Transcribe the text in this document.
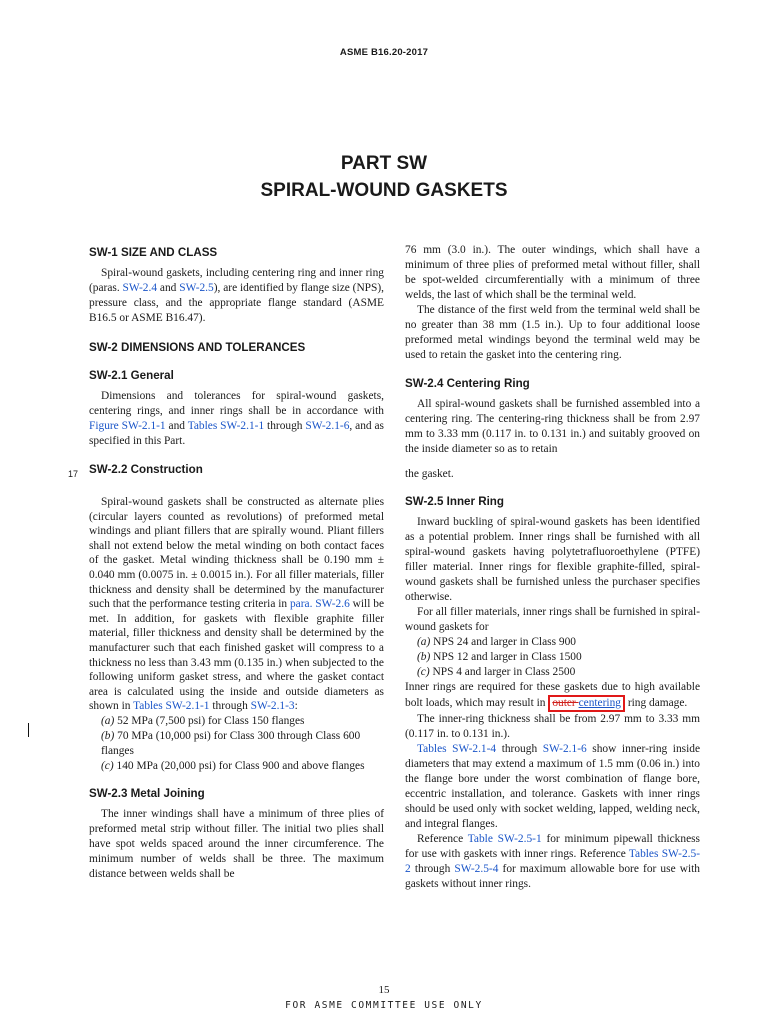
ASME B16.20-2017
PART SW
SPIRAL-WOUND GASKETS
17

SW-1 SIZE AND CLASS

Spiral-wound gaskets, including centering ring and inner ring (paras. SW-2.4 and SW-2.5), are identified by flange size (NPS), pressure class, and the appropriate flange standard (ASME B16.5 or ASME B16.47).

SW-2 DIMENSIONS AND TOLERANCES

SW-2.1 General

Dimensions and tolerances for spiral-wound gaskets, centering rings, and inner rings shall be in accordance with Figure SW-2.1-1 and Tables SW-2.1-1 through SW-2.1-6, and as specified in this Part.

SW-2.2 Construction

Spiral-wound gaskets shall be constructed as alternate plies (circular layers counted as revolutions) of preformed metal windings and pliant fillers that are spirally wound. Pliant fillers shall not extend below the metal winding on both contact faces of the gasket. Metal winding thickness shall be 0.190 mm ± 0.040 mm (0.0075 in. ± 0.0015 in.). For all filler materials, filler thickness and density shall be determined by the manufacturer such that the performance testing criteria in para. SW-2.6 will be met. In addition, for gaskets with flexible graphite filler material, filler thickness and density shall be determined by the manufacturer such that each finished gasket will compress to a thickness no less than 3.43 mm (0.135 in.) when subjected to the following uniform gasket stress, and where the gasket contact area is calculated using the inside and outside diameters as shown in Tables SW-2.1-1 through SW-2.1-3:

(a) 52 MPa (7,500 psi) for Class 150 flanges

(b) 70 MPa (10,000 psi) for Class 300 through Class 600 flanges

(c) 140 MPa (20,000 psi) for Class 900 and above flanges

SW-2.3 Metal Joining

The inner windings shall have a minimum of three plies of preformed metal strip without filler. The initial two plies shall have spot welds spaced around the inner circumference. The minimum number of welds shall be three. The maximum distance between welds shall be

76 mm (3.0 in.). The outer windings, which shall have a minimum of three plies of preformed metal without filler, shall be spot-welded circumferentially with a minimum of three welds, the last of which shall be the terminal weld.

The distance of the first weld from the terminal weld shall be no greater than 38 mm (1.5 in.). Up to four additional loose preformed metal windings beyond the terminal weld may be used to retain the gasket into the centering ring.

SW-2.4 Centering Ring

All spiral-wound gaskets shall be furnished assembled into a centering ring. The centering-ring thickness shall be from 2.97 mm to 3.33 mm (0.117 in. to 0.131 in.) and suitably grooved on the inside diameter so as to retain

the gasket.

SW-2.5 Inner Ring

Inward buckling of spiral-wound gaskets has been identified as a potential problem. Inner rings shall be furnished with all spiral-wound gaskets having polytetrafluoroethylene (PTFE) filler material. Inner rings for flexible graphite-filled, spiral-wound gaskets shall be furnished unless the purchaser specifies otherwise.

For all filler materials, inner rings shall be furnished in spiral-wound gaskets for

(a) NPS 24 and larger in Class 900

(b) NPS 12 and larger in Class 1500

(c) NPS 4 and larger in Class 2500

Inner rings are required for these gaskets due to high available bolt loads, which may result in outer centering ring damage.

The inner-ring thickness shall be from 2.97 mm to 3.33 mm (0.117 in. to 0.131 in.).

Tables SW-2.1-4 through SW-2.1-6 show inner-ring inside diameters that may extend a maximum of 1.5 mm (0.06 in.) into the flange bore under the worst combination of flange bore, eccentric installation, and tolerance. Gaskets with inner rings should be used only with socket welding, lapped, welding neck, and integral flanges.

Reference Table SW-2.5-1 for minimum pipewall thickness for use with gaskets with inner rings. Reference Tables SW-2.5-2 through SW-2.5-4 for maximum allowable bore for use with gaskets without inner rings.

15
FOR ASME COMMITTEE USE ONLY
